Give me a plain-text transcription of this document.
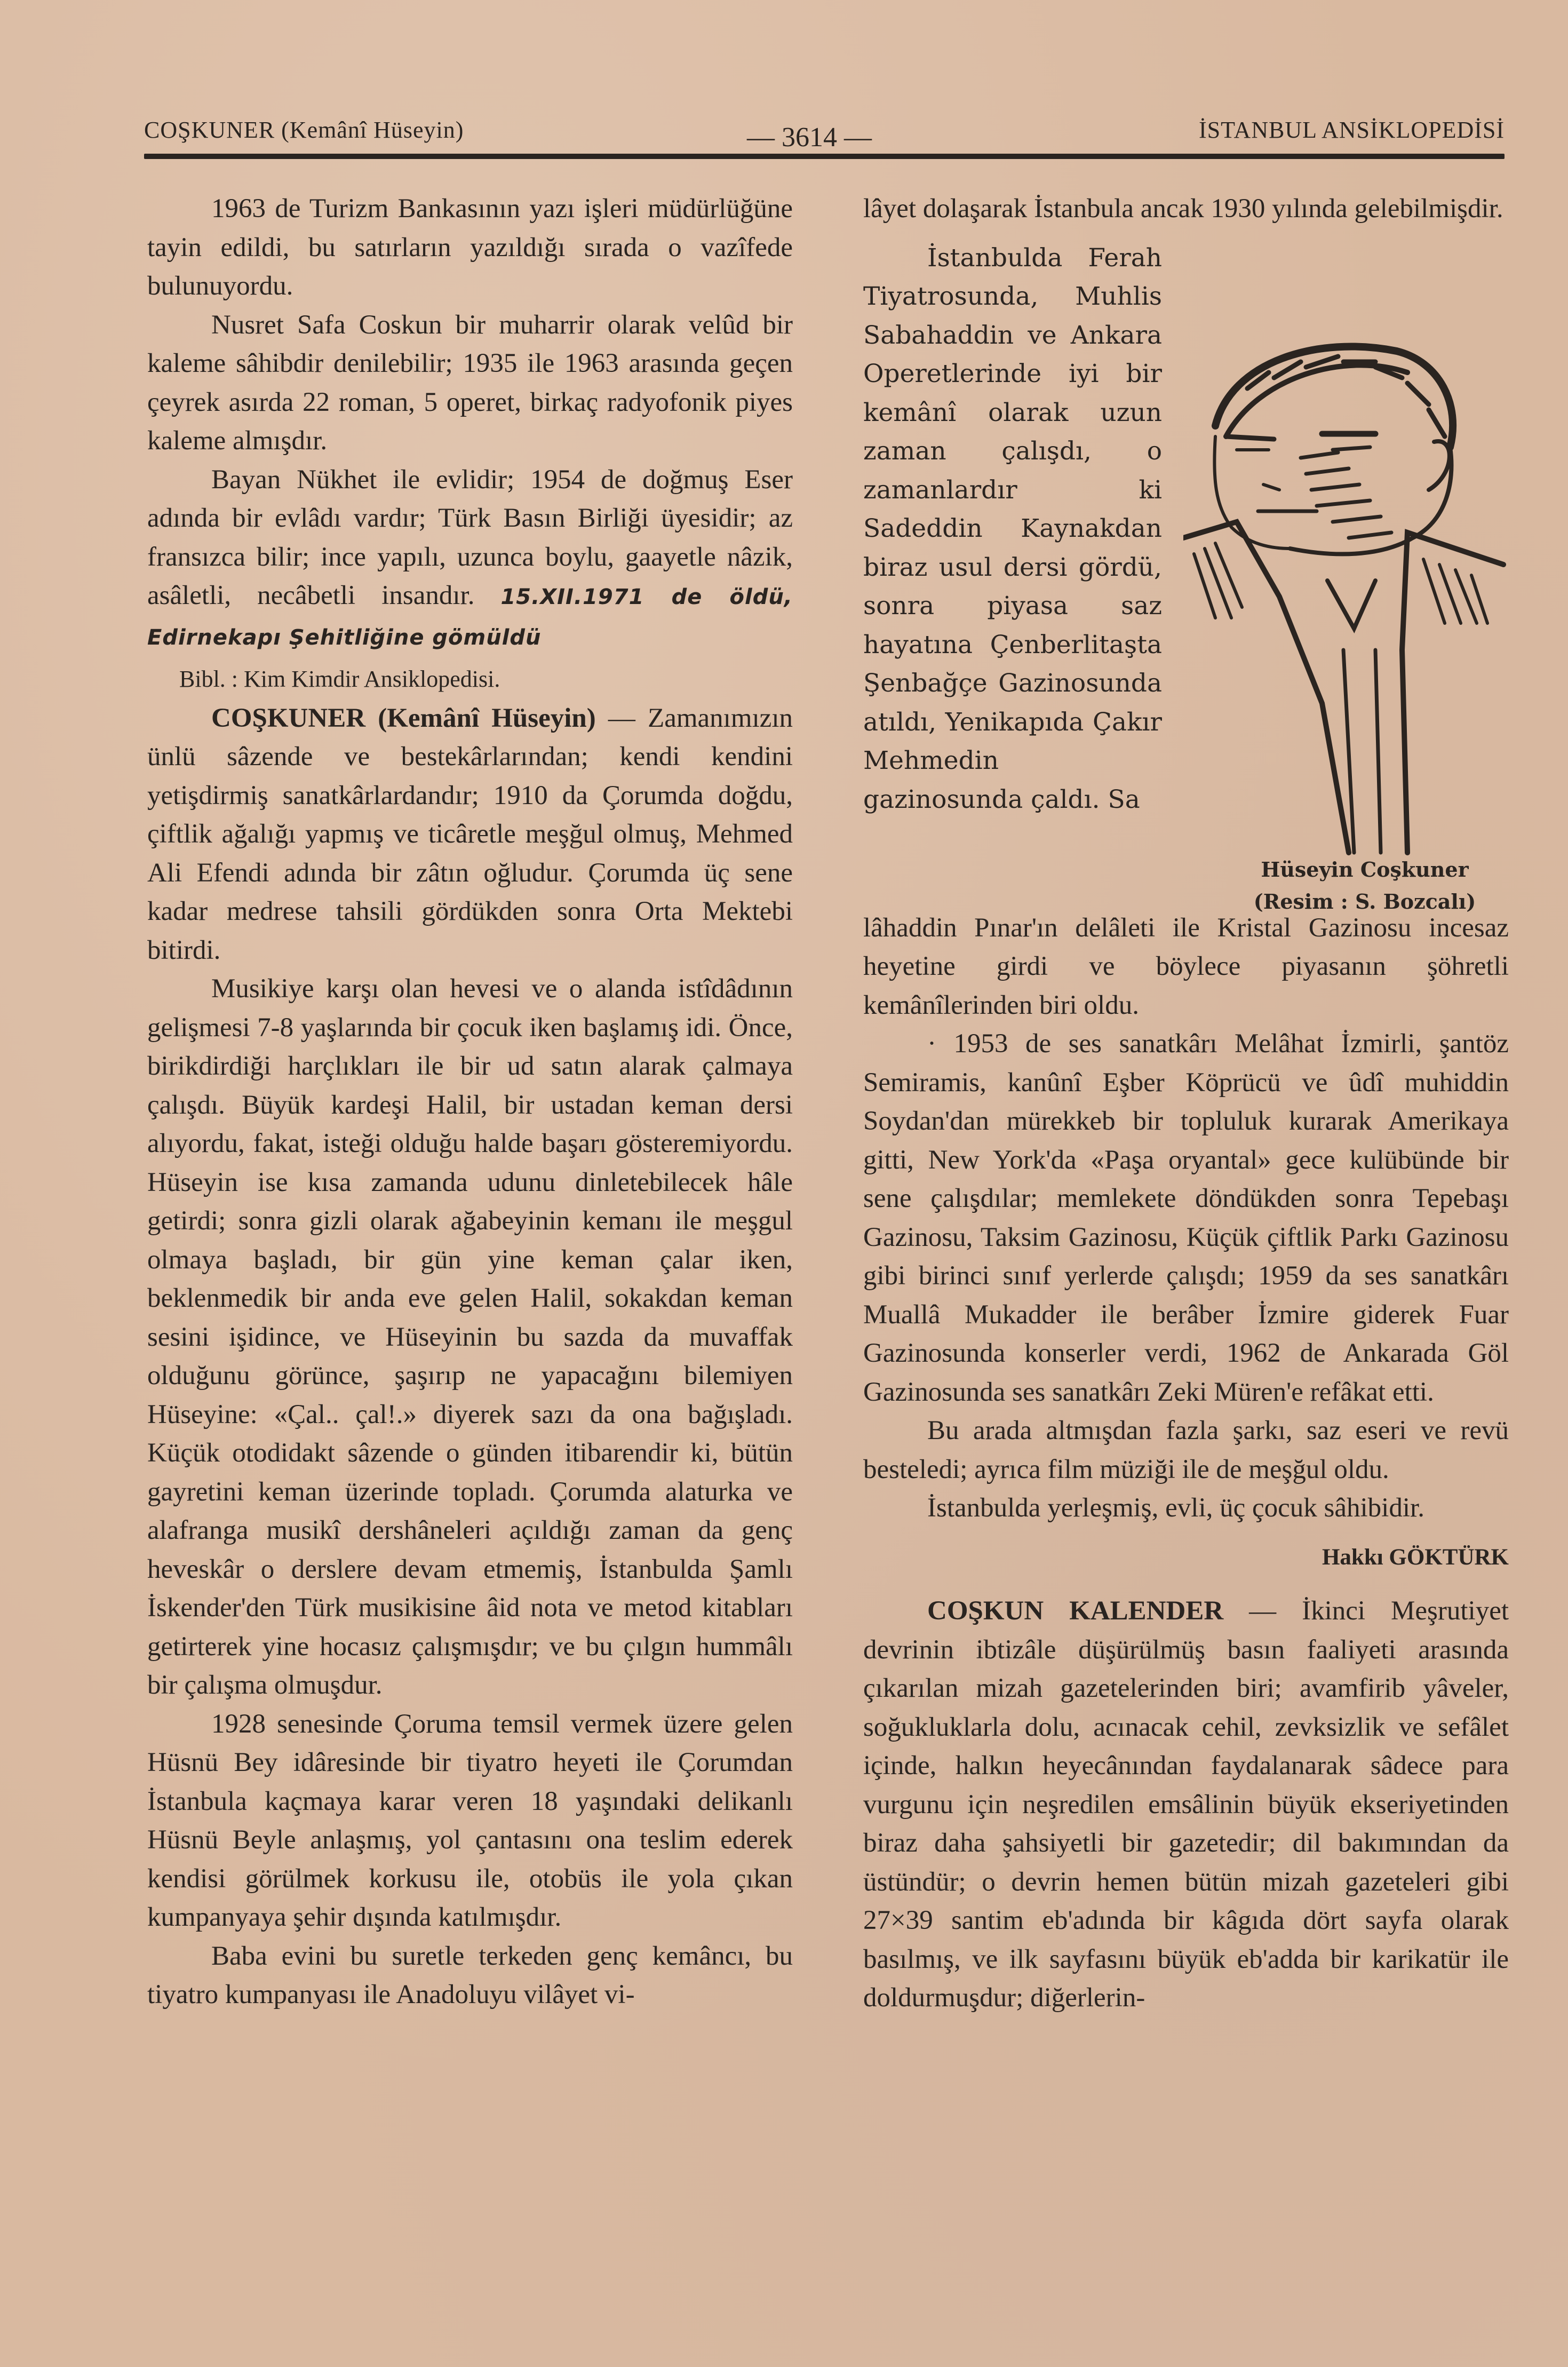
COŞKUNER (Kemânî Hüseyin)	— 3614 —	İSTANBUL ANSİKLOPEDİSİ

1963 de Turizm Bankasının yazı işleri müdürlüğüne tayin edildi, bu satırların yazıldığı sırada o vazîfede bulunuyordu.

Nusret Safa Coskun bir muharrir olarak velûd bir kaleme sâhibdir denilebilir; 1935 ile 1963 arasında geçen çeyrek asırda 22 roman, 5 operet, birkaç radyofonik piyes kaleme almışdır.

Bayan Nükhet ile evlidir; 1954 de doğmuş Eser adında bir evlâdı vardır; Türk Basın Birliği üyesidir; az fransızca bilir; ince yapılı, uzunca boylu, gaayetle nâzik, asâletli, necâbetli insandır. 15.XII.1971 de öldü, Edirnekapı Şehitliğine gömüldü

Bibl. : Kim Kimdir Ansiklopedisi.

COŞKUNER (Kemânî Hüseyin) — Zamanımızın ünlü sâzende ve bestekârlarından; kendi kendini yetişdirmiş sanatkârlardandır; 1910 da Çorumda doğdu, çiftlik ağalığı yapmış ve ticâretle meşğul olmuş, Mehmed Ali Efendi adında bir zâtın oğludur. Çorumda üç sene kadar medrese tahsili gördükden sonra Orta Mektebi bitirdi.

Musikiye karşı olan hevesi ve o alanda istîdâdının gelişmesi 7-8 yaşlarında bir çocuk iken başlamış idi. Önce, birikdirdiği harçlıkları ile bir ud satın alarak çalmaya çalışdı. Büyük kardeşi Halil, bir ustadan keman dersi alıyordu, fakat, isteği olduğu halde başarı gösteremiyordu. Hüseyin ise kısa zamanda udunu dinletebilecek hâle getirdi; sonra gizli olarak ağabeyinin kemanı ile meşgul olmaya başladı, bir gün yine keman çalar iken, beklenmedik bir anda eve gelen Halil, sokakdan keman sesini işidince, ve Hüseyinin bu sazda da muvaffak olduğunu görünce, şaşırıp ne yapacağını bilemiyen Hüseyine: «Çal.. çal!.» diyerek sazı da ona bağışladı. Küçük otodidakt sâzende o günden itibarendir ki, bütün gayretini keman üzerinde topladı. Çorumda alaturka ve alafranga musikî dershâneleri açıldığı zaman da genç heveskâr o derslere devam etmemiş, İstanbulda Şamlı İskender'den Türk musikisine âid nota ve metod kitabları getirterek yine hocasız çalışmışdır; ve bu çılgın hummâlı bir çalışma olmuşdur.

1928 senesinde Çoruma temsil vermek üzere gelen Hüsnü Bey idâresinde bir tiyatro heyeti ile Çorumdan İstanbula kaçmaya karar veren 18 yaşındaki delikanlı Hüsnü Beyle anlaşmış, yol çantasını ona teslim ederek kendisi görülmek korkusu ile, otobüs ile yola çıkan kumpanyaya şehir dışında katılmışdır.

Baba evini bu suretle terkeden genç kemâncı, bu tiyatro kumpanyası ile Anadoluyu vilâyet vi-

lâyet dolaşarak İstanbula ancak 1930 yılında gelebilmişdir.

İstanbulda Ferah Tiyatrosunda, Muhlis Sabahaddin ve Ankara Operetlerinde iyi bir kemânî olarak uzun zaman çalışdı, o zamanlardır ki Sadeddin Kaynakdan biraz usul dersi gördü, sonra piyasa saz hayatına Çenberlitaşta Şenbağçe Gazinosunda atıldı, Yenikapıda Çakır Mehmedin gazinosunda çaldı. Sa

Hüseyin Coşkuner
(Resim : S. Bozcalı)

lâhaddin Pınar'ın delâleti ile Kristal Gazinosu incesaz heyetine girdi ve böylece piyasanın şöhretli kemânîlerinden biri oldu.

· 1953 de ses sanatkârı Melâhat İzmirli, şantöz Semiramis, kanûnî Eşber Köprücü ve ûdî muhiddin Soydan'dan mürekkeb bir topluluk kurarak Amerikaya gitti, New York'da «Paşa oryantal» gece kulübünde bir sene çalışdılar; memlekete döndükden sonra Tepebaşı Gazinosu, Taksim Gazinosu, Küçük çiftlik Parkı Gazinosu gibi birinci sınıf yerlerde çalışdı; 1959 da ses sanatkârı Muallâ Mukadder ile berâber İzmire giderek Fuar Gazinosunda konserler verdi, 1962 de Ankarada Göl Gazinosunda ses sanatkârı Zeki Müren'e refâkat etti.

Bu arada altmışdan fazla şarkı, saz eseri ve revü besteledi; ayrıca film müziği ile de meşğul oldu.

İstanbulda yerleşmiş, evli, üç çocuk sâhibidir.

Hakkı GÖKTÜRK

COŞKUN KALENDER — İkinci Meşrutiyet devrinin ibtizâle düşürülmüş basın faaliyeti arasında çıkarılan mizah gazetelerinden biri; avamfirib yâveler, soğukluklarla dolu, acınacak cehil, zevksizlik ve sefâlet içinde, halkın heyecânından faydalanarak sâdece para vurgunu için neşredilen emsâlinin büyük ekseriyetinden biraz daha şahsiyetli bir gazetedir; dil bakımından da üstündür; o devrin hemen bütün mizah gazeteleri gibi 27×39 santim eb'adında bir kâgıda dört sayfa olarak basılmış, ve ilk sayfasını büyük eb'adda bir karikatür ile doldurmuşdur; diğerlerin-
